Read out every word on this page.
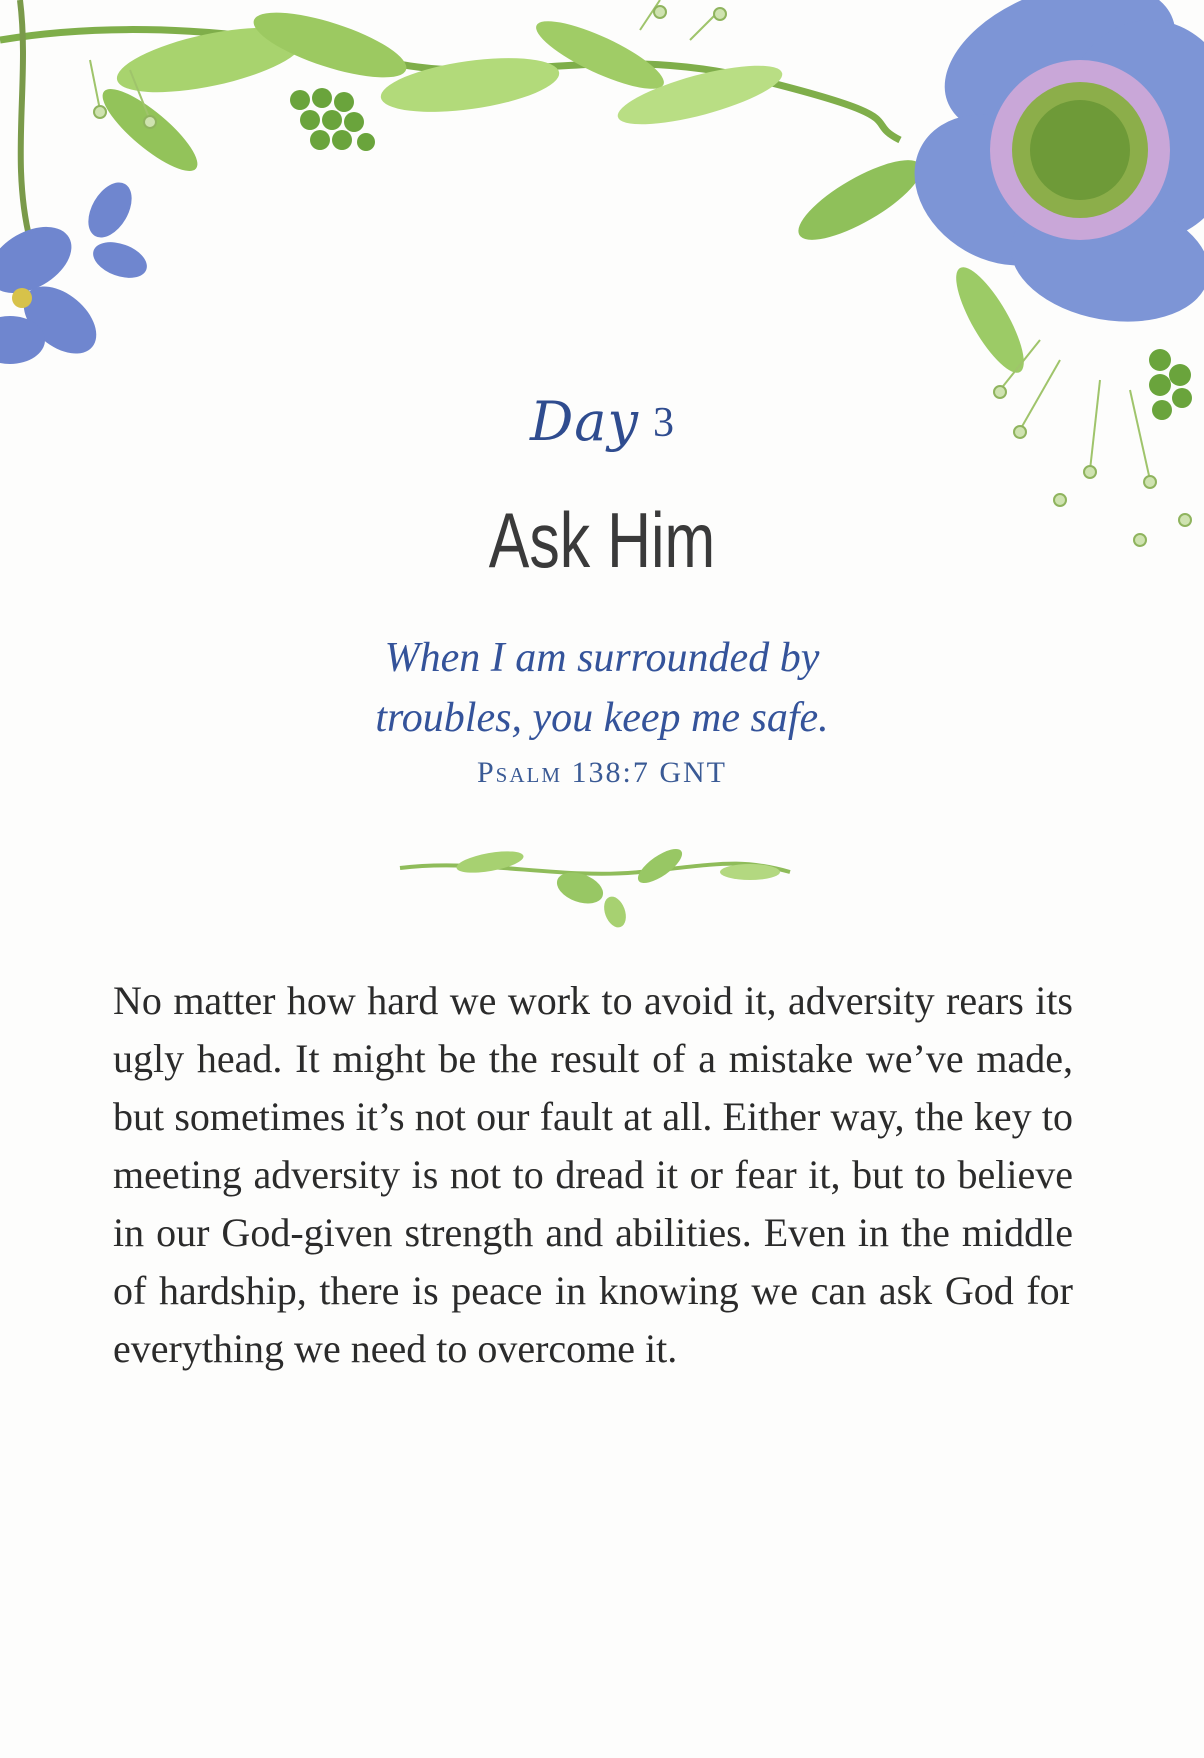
Day 3
Ask Him
When I am surrounded by
troubles, you keep me safe.
Psalm 138:7 GNT
No matter how hard we work to avoid it, adversity rears its ugly head. It might be the result of a mistake we’ve made, but sometimes it’s not our fault at all. Either way, the key to meeting adversity is not to dread it or fear it, but to believe in our God-given strength and abilities. Even in the middle of hardship, there is peace in knowing we can ask God for everything we need to overcome it.
